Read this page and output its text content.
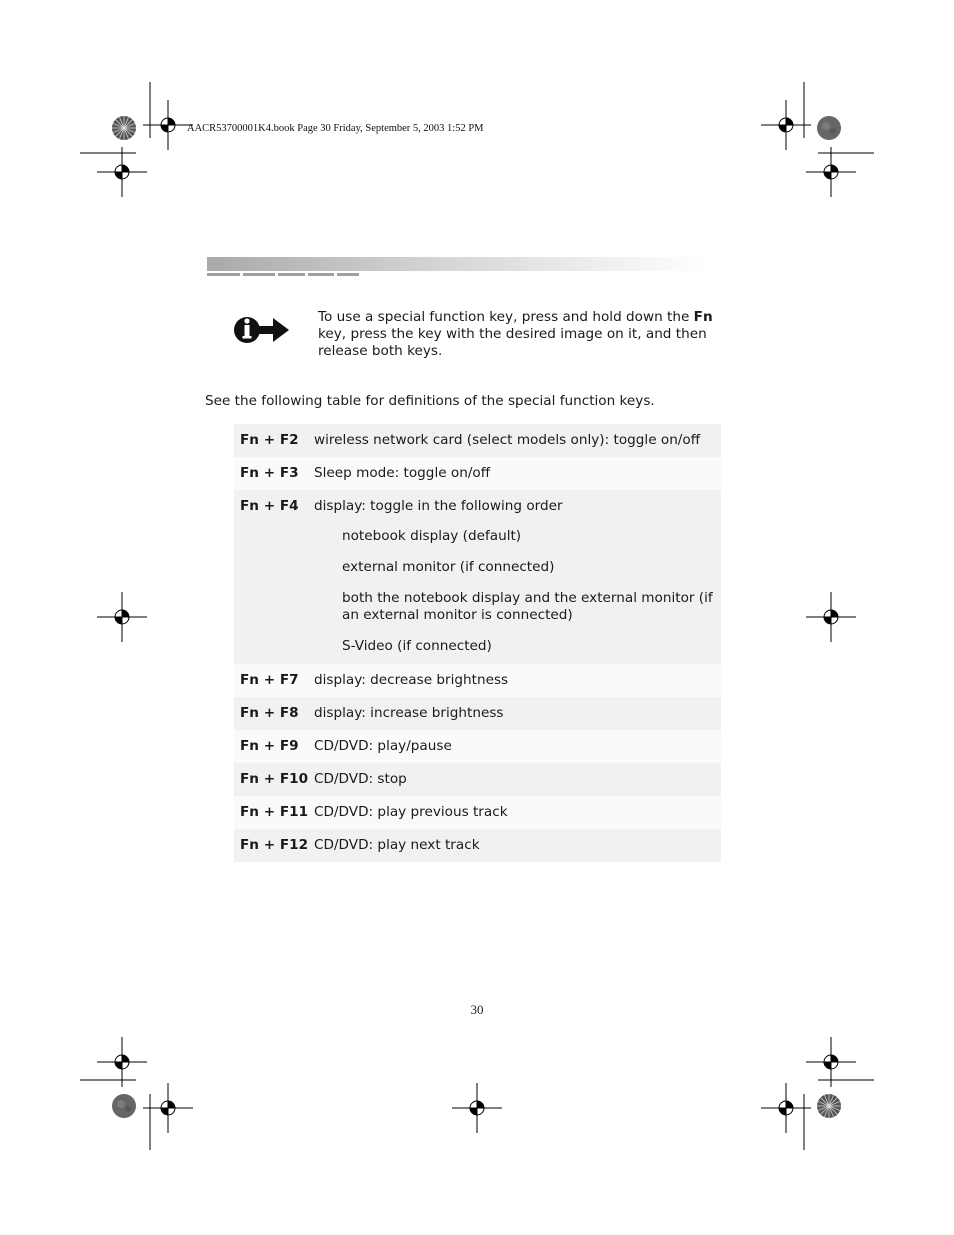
AACR53700001K4.book Page 30 Friday, September 5, 2003 1:52 PM
To use a special function key, press and hold down the Fn key, press the key with the desired image on it, and then release both keys.
See the following table for definitions of the special function keys.
Fn + F2	wireless network card (select models only): toggle on/off
Fn + F3	Sleep mode: toggle on/off
Fn + F4	display: toggle in the following order
notebook display (default)
external monitor (if connected)
both the notebook display and the external monitor (if an external monitor is connected)
S-Video (if connected)

Fn + F7	display: decrease brightness
Fn + F8	display: increase brightness
Fn + F9	CD/DVD: play/pause
Fn + F10	CD/DVD: stop
Fn + F11	CD/DVD: play previous track
Fn + F12	CD/DVD: play next track
30
